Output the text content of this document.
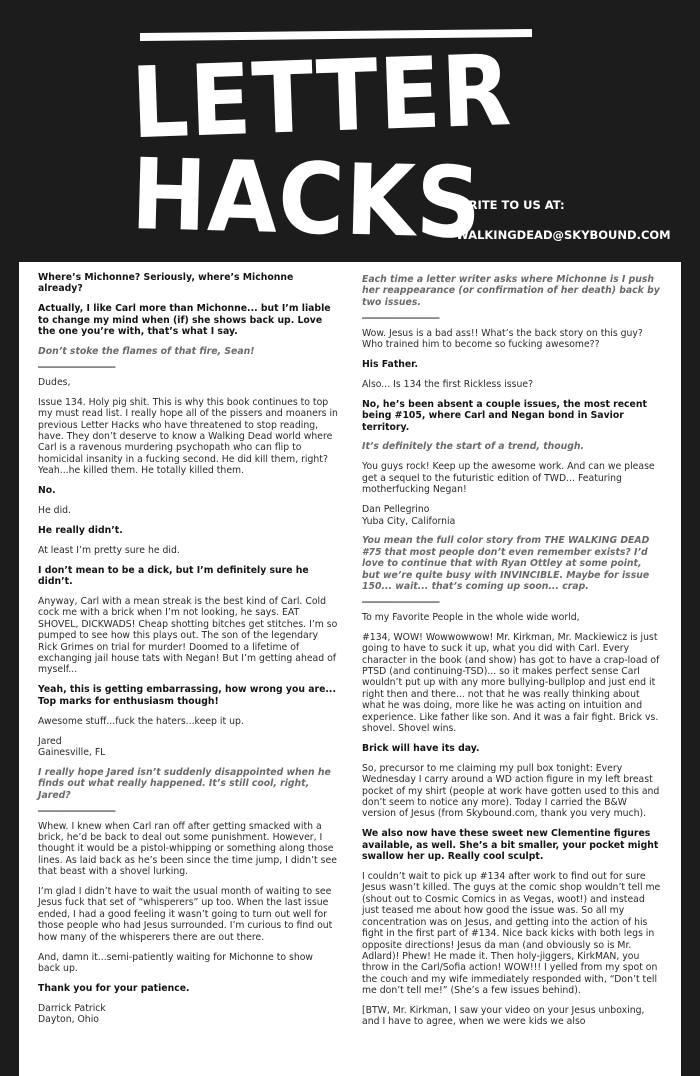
LETTER
HACKS
WRITE TO US AT:
WALKINGDEAD@SKYBOUND.COM

Where’s Michonne? Seriously, where’s Michonne already?

Actually, I like Carl more than Michonne... but I’m liable to change my mind when (if) she shows back up. Love the one you’re with, that’s what I say.

Don’t stoke the flames of that fire, Sean!

___________________

Dudes,

Issue 134. Holy pig shit. This is why this book continues to top my must read list. I really hope all of the pissers and moaners in previous Letter Hacks who have threatened to stop reading, have. They don’t deserve to know a Walking Dead world where Carl is a ravenous murdering psychopath who can flip to homicidal insanity in a fucking second. He did kill them, right? Yeah...he killed them. He totally killed them.

No.

He did.

He really didn’t.

At least I’m pretty sure he did.

I don’t mean to be a dick, but I’m definitely sure he didn’t.

Anyway, Carl with a mean streak is the best kind of Carl. Cold cock me with a brick when I’m not looking, he says. EAT SHOVEL, DICKWADS! Cheap shotting bitches get stitches. I’m so pumped to see how this plays out. The son of the legendary Rick Grimes on trial for murder! Doomed to a lifetime of exchanging jail house tats with Negan! But I’m getting ahead of myself...

Yeah, this is getting embarrassing, how wrong you are... Top marks for enthusiasm though!

Awesome stuff...fuck the haters...keep it up.

Jared
Gainesville, FL

I really hope Jared isn’t suddenly disappointed when he finds out what really happened. It’s still cool, right, Jared?

___________________

Whew. I knew when Carl ran off after getting smacked with a brick, he’d be back to deal out some punishment. However, I thought it would be a pistol-whipping or something along those lines. As laid back as he’s been since the time jump, I didn’t see that beast with a shovel lurking.

I’m glad I didn’t have to wait the usual month of waiting to see Jesus fuck that set of “whisperers” up too. When the last issue ended, I had a good feeling it wasn’t going to turn out well for those people who had Jesus surrounded. I’m curious to find out how many of the whisperers there are out there.

And, damn it...semi-patiently waiting for Michonne to show back up.

Thank you for your patience.

Darrick Patrick
Dayton, Ohio

Each time a letter writer asks where Michonne is I push her reappearance (or confirmation of her death) back by two issues.

___________________

Wow. Jesus is a bad ass!! What’s the back story on this guy? Who trained him to become so fucking awesome??

His Father.

Also... Is 134 the first Rickless issue?

No, he’s been absent a couple issues, the most recent being #105, where Carl and Negan bond in Savior territory.

It’s definitely the start of a trend, though.

You guys rock! Keep up the awesome work. And can we please get a sequel to the futuristic edition of TWD... Featuring motherfucking Negan!

Dan Pellegrino
Yuba City, California

You mean the full color story from THE WALKING DEAD #75 that most people don’t even remember exists? I’d love to continue that with Ryan Ottley at some point, but we’re quite busy with INVINCIBLE. Maybe for issue 150... wait... that’s coming up soon... crap.

___________________

To my Favorite People in the whole wide world,

#134, WOW! Wowwowwow! Mr. Kirkman, Mr. Mackiewicz is just going to have to suck it up, what you did with Carl. Every character in the book (and show) has got to have a crap-load of PTSD (and continuing-TSD)... so it makes perfect sense Carl wouldn’t put up with any more bullying-bullplop and just end it right then and there... not that he was really thinking about what he was doing, more like he was acting on intuition and experience. Like father like son. And it was a fair fight. Brick vs. shovel. Shovel wins.

Brick will have its day.

So, precursor to me claiming my pull box tonight: Every Wednesday I carry around a WD action figure in my left breast pocket of my shirt (people at work have gotten used to this and don’t seem to notice any more). Today I carried the B&W version of Jesus (from Skybound.com, thank you very much).

We also now have these sweet new Clementine figures available, as well. She’s a bit smaller, your pocket might swallow her up. Really cool sculpt.

I couldn’t wait to pick up #134 after work to find out for sure Jesus wasn’t killed. The guys at the comic shop wouldn’t tell me (shout out to Cosmic Comics in as Vegas, woot!) and instead just teased me about how good the issue was. So all my concentration was on Jesus, and getting into the action of his fight in the first part of #134. Nice back kicks with both legs in opposite directions! Jesus da man (and obviously so is Mr. Adlard)! Phew! He made it. Then holy-jiggers, KirkMAN, you throw in the Carl/Sofia action! WOW!!! I yelled from my spot on the couch and my wife immediately responded with, “Don’t tell me don’t tell me!” (She’s a few issues behind).

[BTW, Mr. Kirkman, I saw your video on your Jesus unboxing, and I have to agree, when we were kids we also
